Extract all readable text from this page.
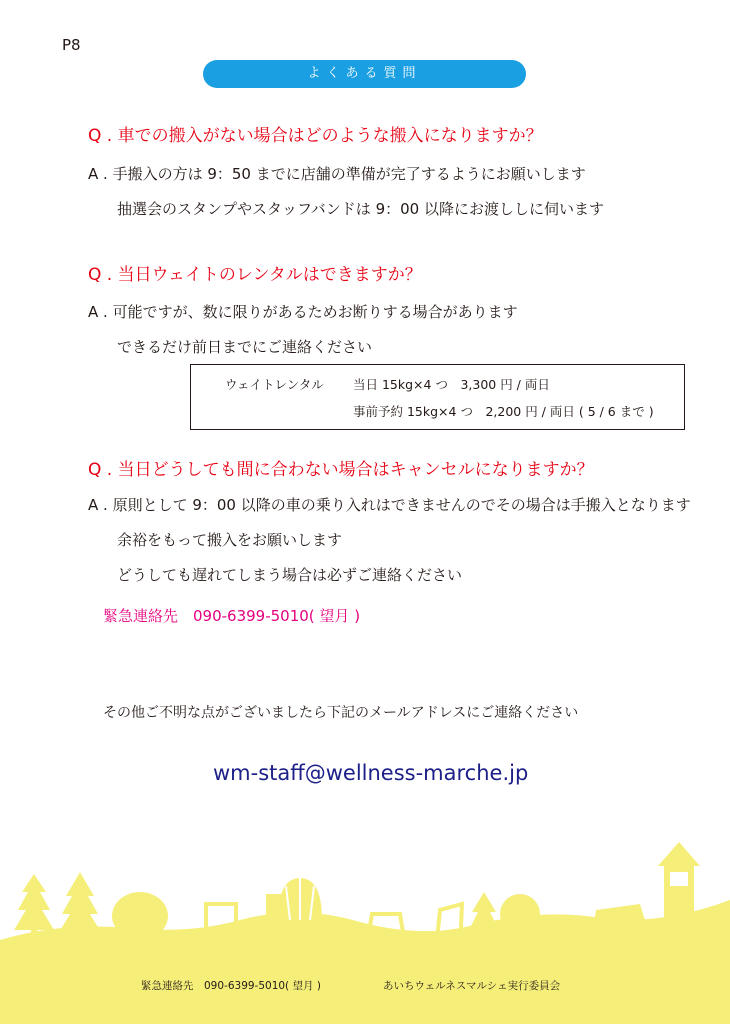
P8
よくある質問
Q . 車での搬入がない場合はどのような搬入になりますか？
A . 手搬入の方は 9：50 までに店舗の準備が完了するようにお願いします
抽選会のスタンプやスタッフバンドは 9：00 以降にお渡ししに伺います
Q . 当日ウェイトのレンタルはできますか？
A . 可能ですが、数に限りがあるためお断りする場合があります
できるだけ前日までにご連絡ください
ウェイトレンタル 当日 15kg×4 つ　3,300 円 / 両日
事前予約 15kg×4 つ　2,200 円 / 両日 ( 5 / 6 まで )
Q . 当日どうしても間に合わない場合はキャンセルになりますか？
A . 原則として 9：00 以降の車の乗り入れはできませんのでその場合は手搬入となります
余裕をもって搬入をお願いします
どうしても遅れてしまう場合は必ずご連絡ください
緊急連絡先　090-6399-5010( 望月 )
その他ご不明な点がございましたら下記のメールアドレスにご連絡ください
wm-staff@wellness-marche.jp
緊急連絡先　090-6399-5010( 望月 )	あいちウェルネスマルシェ実行委員会
